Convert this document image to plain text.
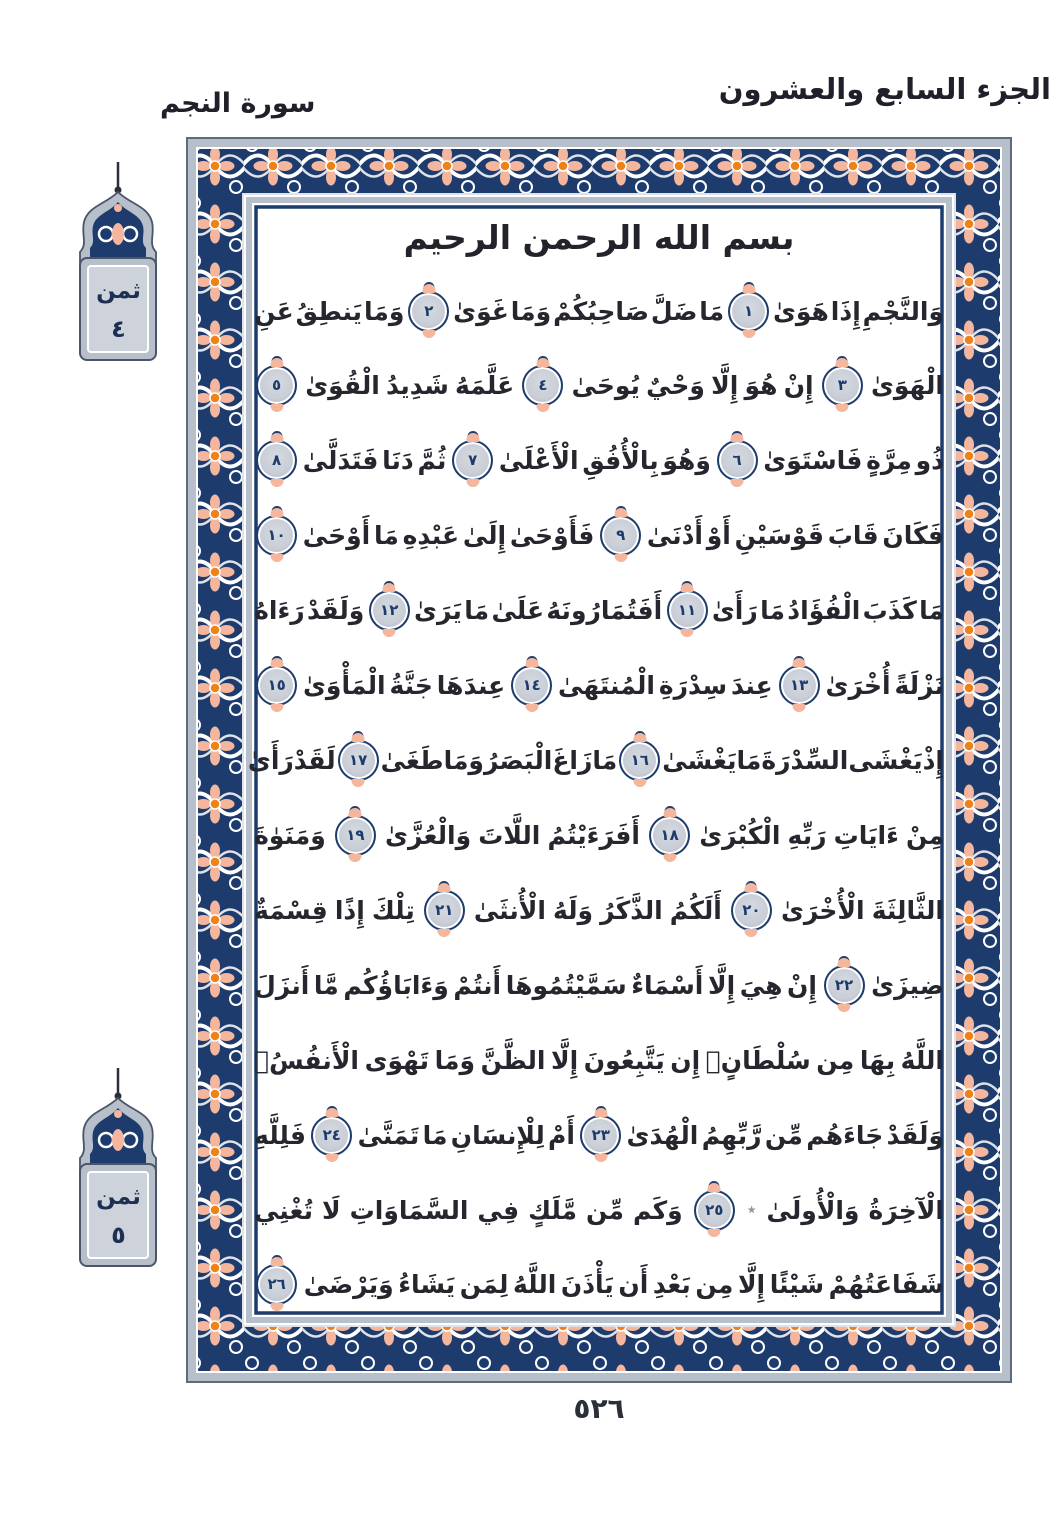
الجزء السابع والعشرون
سورة النجم
بسم الله الرحمن الرحيم
وَالنَّجْمِ
إِذَا
هَوَىٰ
١
مَا
ضَلَّ
صَاحِبُكُمْ
وَمَا
غَوَىٰ
٢
وَمَا
يَنطِقُ
عَنِ
الْهَوَىٰ
٣
إِنْ
هُوَ
إِلَّا
وَحْيٌ
يُوحَىٰ
٤
عَلَّمَهُ
شَدِيدُ
الْقُوَىٰ
٥
ذُو
مِرَّةٍ
فَاسْتَوَىٰ
٦
وَهُوَ
بِالْأُفُقِ
الْأَعْلَىٰ
٧
ثُمَّ
دَنَا
فَتَدَلَّىٰ
٨
فَكَانَ
قَابَ
قَوْسَيْنِ
أَوْ
أَدْنَىٰ
٩
فَأَوْحَىٰ
إِلَىٰ
عَبْدِهِ
مَا
أَوْحَىٰ
١٠
مَا
كَذَبَ
الْفُؤَادُ
مَا
رَأَىٰ
١١
أَفَتُمَارُونَهُ
عَلَىٰ
مَا
يَرَىٰ
١٢
وَلَقَدْ
رَءَاهُ
نَزْلَةً
أُخْرَىٰ
١٣
عِندَ
سِدْرَةِ
الْمُنتَهَىٰ
١٤
عِندَهَا
جَنَّةُ
الْمَأْوَىٰ
١٥
إِذْ
يَغْشَى
السِّدْرَةَ
مَا
يَغْشَىٰ
١٦
مَا
زَاغَ
الْبَصَرُ
وَمَا
طَغَىٰ
١٧
لَقَدْ
رَأَىٰ
مِنْ
ءَايَاتِ
رَبِّهِ
الْكُبْرَىٰ
١٨
أَفَرَءَيْتُمُ
اللَّاتَ
وَالْعُزَّىٰ
١٩
وَمَنَوٰةَ
الثَّالِثَةَ
الْأُخْرَىٰ
٢٠
أَلَكُمُ
الذَّكَرُ
وَلَهُ
الْأُنثَىٰ
٢١
تِلْكَ
إِذًا
قِسْمَةٌ
ضِيزَىٰ
٢٢
إِنْ
هِيَ
إِلَّا
أَسْمَاءٌ
سَمَّيْتُمُوهَا
أَنتُمْ
وَءَابَاؤُكُم
مَّا
أَنزَلَ
اللَّهُ
بِهَا
مِن
سُلْطَانٍۚ
إِن
يَتَّبِعُونَ
إِلَّا
الظَّنَّ
وَمَا
تَهْوَى
الْأَنفُسُۖ
وَلَقَدْ
جَاءَهُم
مِّن
رَّبِّهِمُ
الْهُدَىٰ
٢٣
أَمْ
لِلْإِنسَانِ
مَا
تَمَنَّىٰ
٢٤
فَلِلَّهِ
الْآخِرَةُ
وَالْأُولَىٰ
٭
٢٥
وَكَم
مِّن
مَّلَكٍ
فِي
السَّمَاوَاتِ
لَا
تُغْنِي
شَفَاعَتُهُمْ
شَيْئًا
إِلَّا
مِن
بَعْدِ
أَن
يَأْذَنَ
اللَّهُ
لِمَن
يَشَاءُ
وَيَرْضَىٰ
٢٦
ثمن
٤
ثمن
٥
٥٢٦
